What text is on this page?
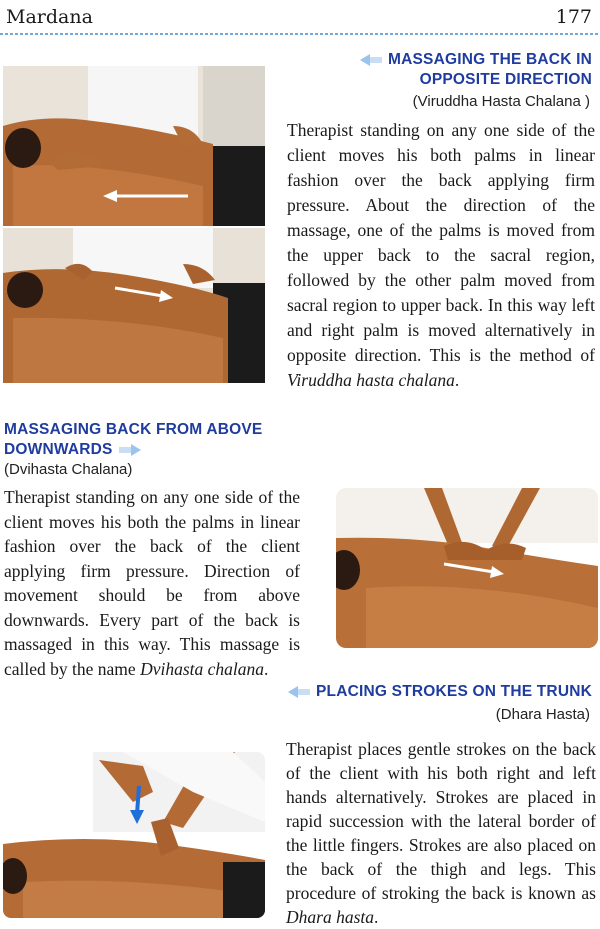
Mardana	177
MASSAGING THE BACK IN
OPPOSITE DIRECTION
(Viruddha Hasta Chalana )
Therapist standing on any one side of the client moves his both palms in linear fashion over the back applying firm pressure. About the direction of the massage, one of the palms is moved from the upper back to the sacral region, followed by the other palm moved from sacral region to upper back. In this way left and right palm is moved alternatively in opposite direction. This is the method of Viruddha hasta chalana.
MASSAGING BACK FROM ABOVE
DOWNWARDS
(Dvihasta Chalana)
Therapist standing on any one side of the client moves his both the palms in linear fashion over the back of the client applying firm pressure. Direction of movement should be from above downwards. Every part of the back is massaged in this way. This massage is called by the name Dvihasta chalana.
PLACING STROKES ON THE TRUNK
(Dhara Hasta)
Therapist places gentle strokes on the back of the client with his both right and left hands alternatively. Strokes are placed in rapid succession with the lateral border of the little fingers. Strokes are also placed on the back of the thigh and legs. This procedure of stroking the back is known as Dhara hasta.
